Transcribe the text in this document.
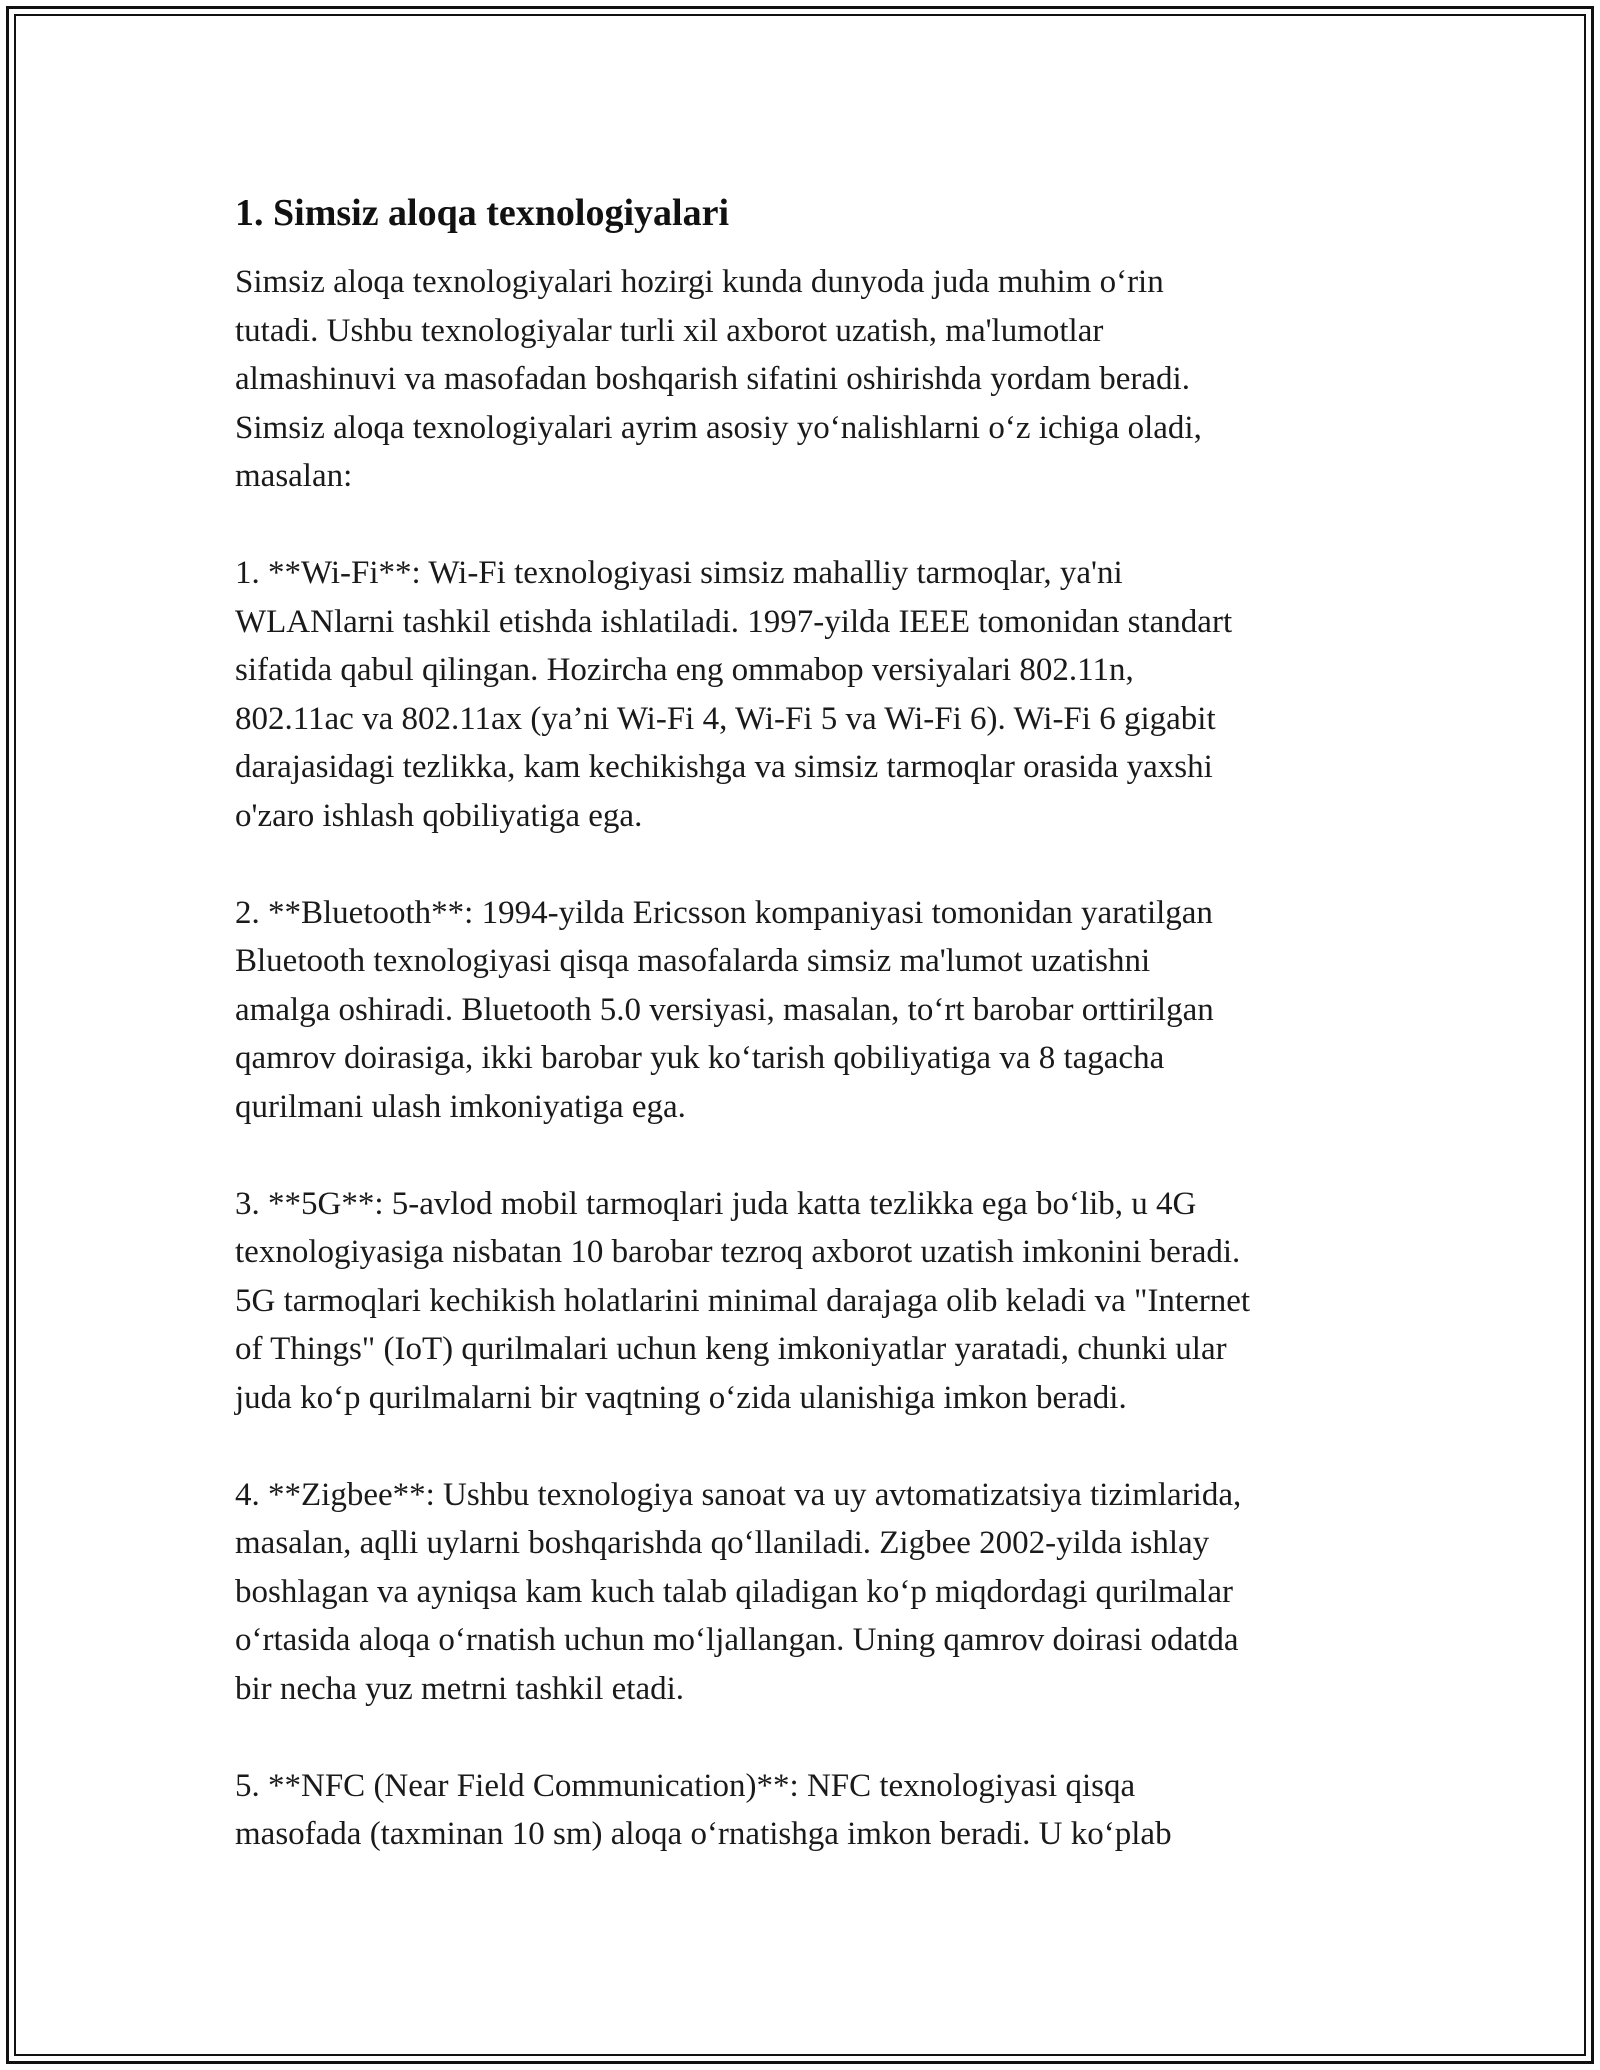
1. Simsiz aloqa texnologiyalari

Simsiz aloqa texnologiyalari hozirgi kunda dunyoda juda muhim o‘rin
tutadi. Ushbu texnologiyalar turli xil axborot uzatish, ma'lumotlar
almashinuvi va masofadan boshqarish sifatini oshirishda yordam beradi.
Simsiz aloqa texnologiyalari ayrim asosiy yo‘nalishlarni o‘z ichiga oladi,
masalan:

1. **Wi-Fi**: Wi-Fi texnologiyasi simsiz mahalliy tarmoqlar, ya'ni
WLANlarni tashkil etishda ishlatiladi. 1997-yilda IEEE tomonidan standart
sifatida qabul qilingan. Hozircha eng ommabop versiyalari 802.11n,
802.11ac va 802.11ax (ya’ni Wi-Fi 4, Wi-Fi 5 va Wi-Fi 6). Wi-Fi 6 gigabit
darajasidagi tezlikka, kam kechikishga va simsiz tarmoqlar orasida yaxshi
o'zaro ishlash qobiliyatiga ega.

2. **Bluetooth**: 1994-yilda Ericsson kompaniyasi tomonidan yaratilgan
Bluetooth texnologiyasi qisqa masofalarda simsiz ma'lumot uzatishni
amalga oshiradi. Bluetooth 5.0 versiyasi, masalan, to‘rt barobar orttirilgan
qamrov doirasiga, ikki barobar yuk ko‘tarish qobiliyatiga va 8 tagacha
qurilmani ulash imkoniyatiga ega.

3. **5G**: 5-avlod mobil tarmoqlari juda katta tezlikka ega bo‘lib, u 4G
texnologiyasiga nisbatan 10 barobar tezroq axborot uzatish imkonini beradi.
5G tarmoqlari kechikish holatlarini minimal darajaga olib keladi va "Internet
of Things" (IoT) qurilmalari uchun keng imkoniyatlar yaratadi, chunki ular
juda ko‘p qurilmalarni bir vaqtning o‘zida ulanishiga imkon beradi.

4. **Zigbee**: Ushbu texnologiya sanoat va uy avtomatizatsiya tizimlarida,
masalan, aqlli uylarni boshqarishda qo‘llaniladi. Zigbee 2002-yilda ishlay
boshlagan va ayniqsa kam kuch talab qiladigan ko‘p miqdordagi qurilmalar
o‘rtasida aloqa o‘rnatish uchun mo‘ljallangan. Uning qamrov doirasi odatda
bir necha yuz metrni tashkil etadi.

5. **NFC (Near Field Communication)**: NFC texnologiyasi qisqa
masofada (taxminan 10 sm) aloqa o‘rnatishga imkon beradi. U ko‘plab
